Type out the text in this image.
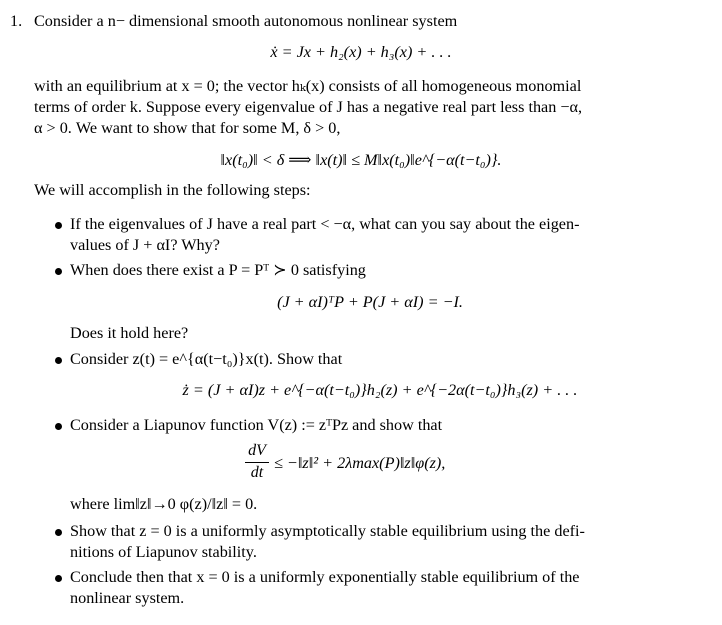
1. Consider a n− dimensional smooth autonomous nonlinear system
ẋ = Jx + h₂(x) + h₃(x) + . . .
with an equilibrium at x = 0; the vector hₖ(x) consists of all homogeneous monomial
terms of order k. Suppose every eigenvalue of J has a negative real part less than −α,
α > 0. We want to show that for some M, δ > 0,
‖x(t₀)‖ < δ ⟹ ‖x(t)‖ ≤ M‖x(t₀)‖e^{−α(t−t₀)}.
We will accomplish in the following steps:
If the eigenvalues of J have a real part < −α, what can you say about the eigen-
values of J + αI? Why?
When does there exist a P = Pᵀ ≻ 0 satisfying
(J + αI)ᵀP + P(J + αI) = −I.
Does it hold here?
Consider z(t) = e^{α(t−t₀)}x(t). Show that
ż = (J + αI)z + e^{−α(t−t₀)}h₂(z) + e^{−2α(t−t₀)}h₃(z) + . . .
Consider a Liapunov function V(z) := zᵀPz and show that
dV
dt
≤ −‖z‖² + 2λmax(P)‖z‖φ(z),
where lim‖z‖→0 φ(z)/‖z‖ = 0.
Show that z = 0 is a uniformly asymptotically stable equilibrium using the defi-
nitions of Liapunov stability.
Conclude then that x = 0 is a uniformly exponentially stable equilibrium of the
nonlinear system.
